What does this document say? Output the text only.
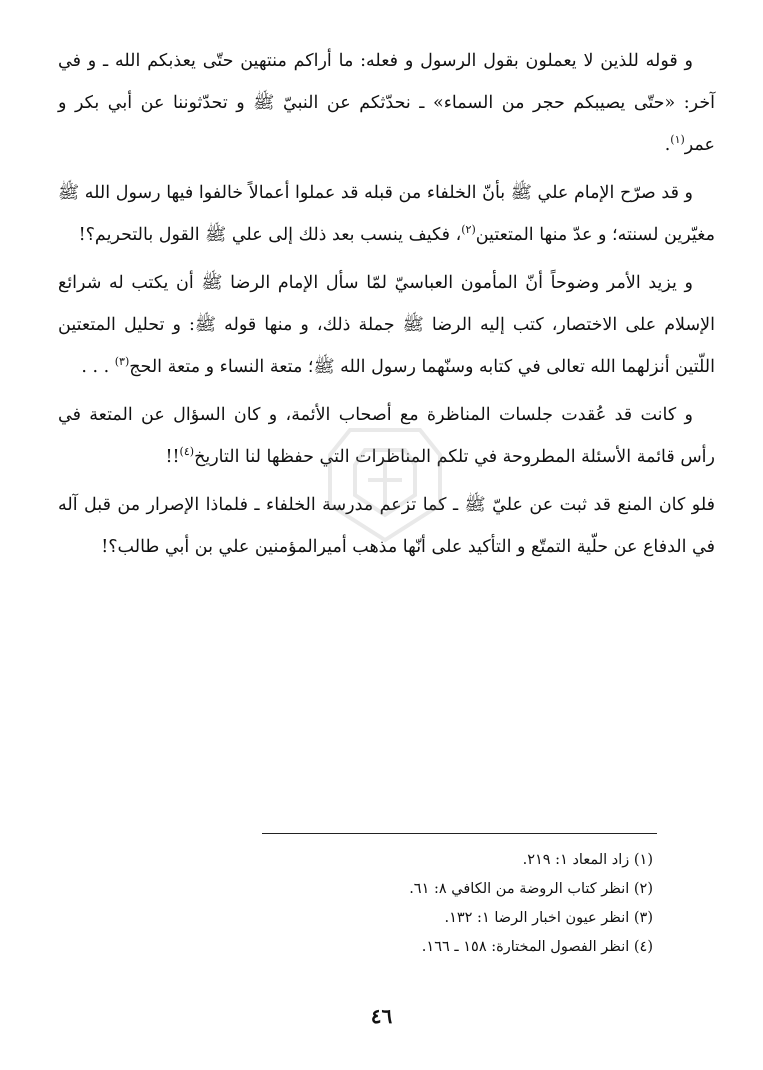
و قوله للذين لا يعملون بقول الرسول و فعله: ما أراكم منتهين حتّى يعذبكم الله ـ و في آخر: «حتّى يصيبكم حجر من السماء» ـ نحدّثكم عن النبيّ ﷺ و تحدّثوننا عن أبي بكر و عمر$^{(١)}$.

و قد صرّح الإمام علي ﷺ بأنّ الخلفاء من قبله قد عملوا أعمالاً خالفوا فيها رسول الله ﷺ مغيّرين لسنته؛ و عدّ منها المتعتين$^{(٢)}$، فكيف ينسب بعد ذلك إلى علي ﷺ القول بالتحريم؟!

و يزيد الأمر وضوحاً أنّ المأمون العباسيّ لمّا سأل الإمام الرضا ﷺ أن يكتب له شرائع الإسلام على الاختصار، كتب إليه الرضا ﷺ جملة ذلك، و منها قوله ﷺ: و تحليل المتعتين اللّتين أنزلهما الله تعالى في كتابه وسنّهما رسول الله ﷺ؛ متعة النساء و متعة الحج$^{(٣)}$ . . .

و كانت قد عُقدت جلسات المناظرة مع أصحاب الأئمة، و كان السؤال عن المتعة في رأس قائمة الأسئلة المطروحة في تلكم المناظرات التي حفظها لنا التاريخ$^{(٤)}$!!

فلو كان المنع قد ثبت عن عليّ ﷺ ـ كما تزعم مدرسة الخلفاء ـ فلماذا الإصرار من قبل آله في الدفاع عن حلّية التمتّع و التأكيد على أنّها مذهب أميرالمؤمنين علي بن أبي طالب؟!

(١) زاد المعاد ١: ٢١٩.
(٢) انظر كتاب الروضة من الكافي ٨: ٦١.
(٣) انظر عيون اخبار الرضا ١: ١٣٢.
(٤) انظر الفصول المختارة: ١٥٨ ـ ١٦٦.
٤٦
